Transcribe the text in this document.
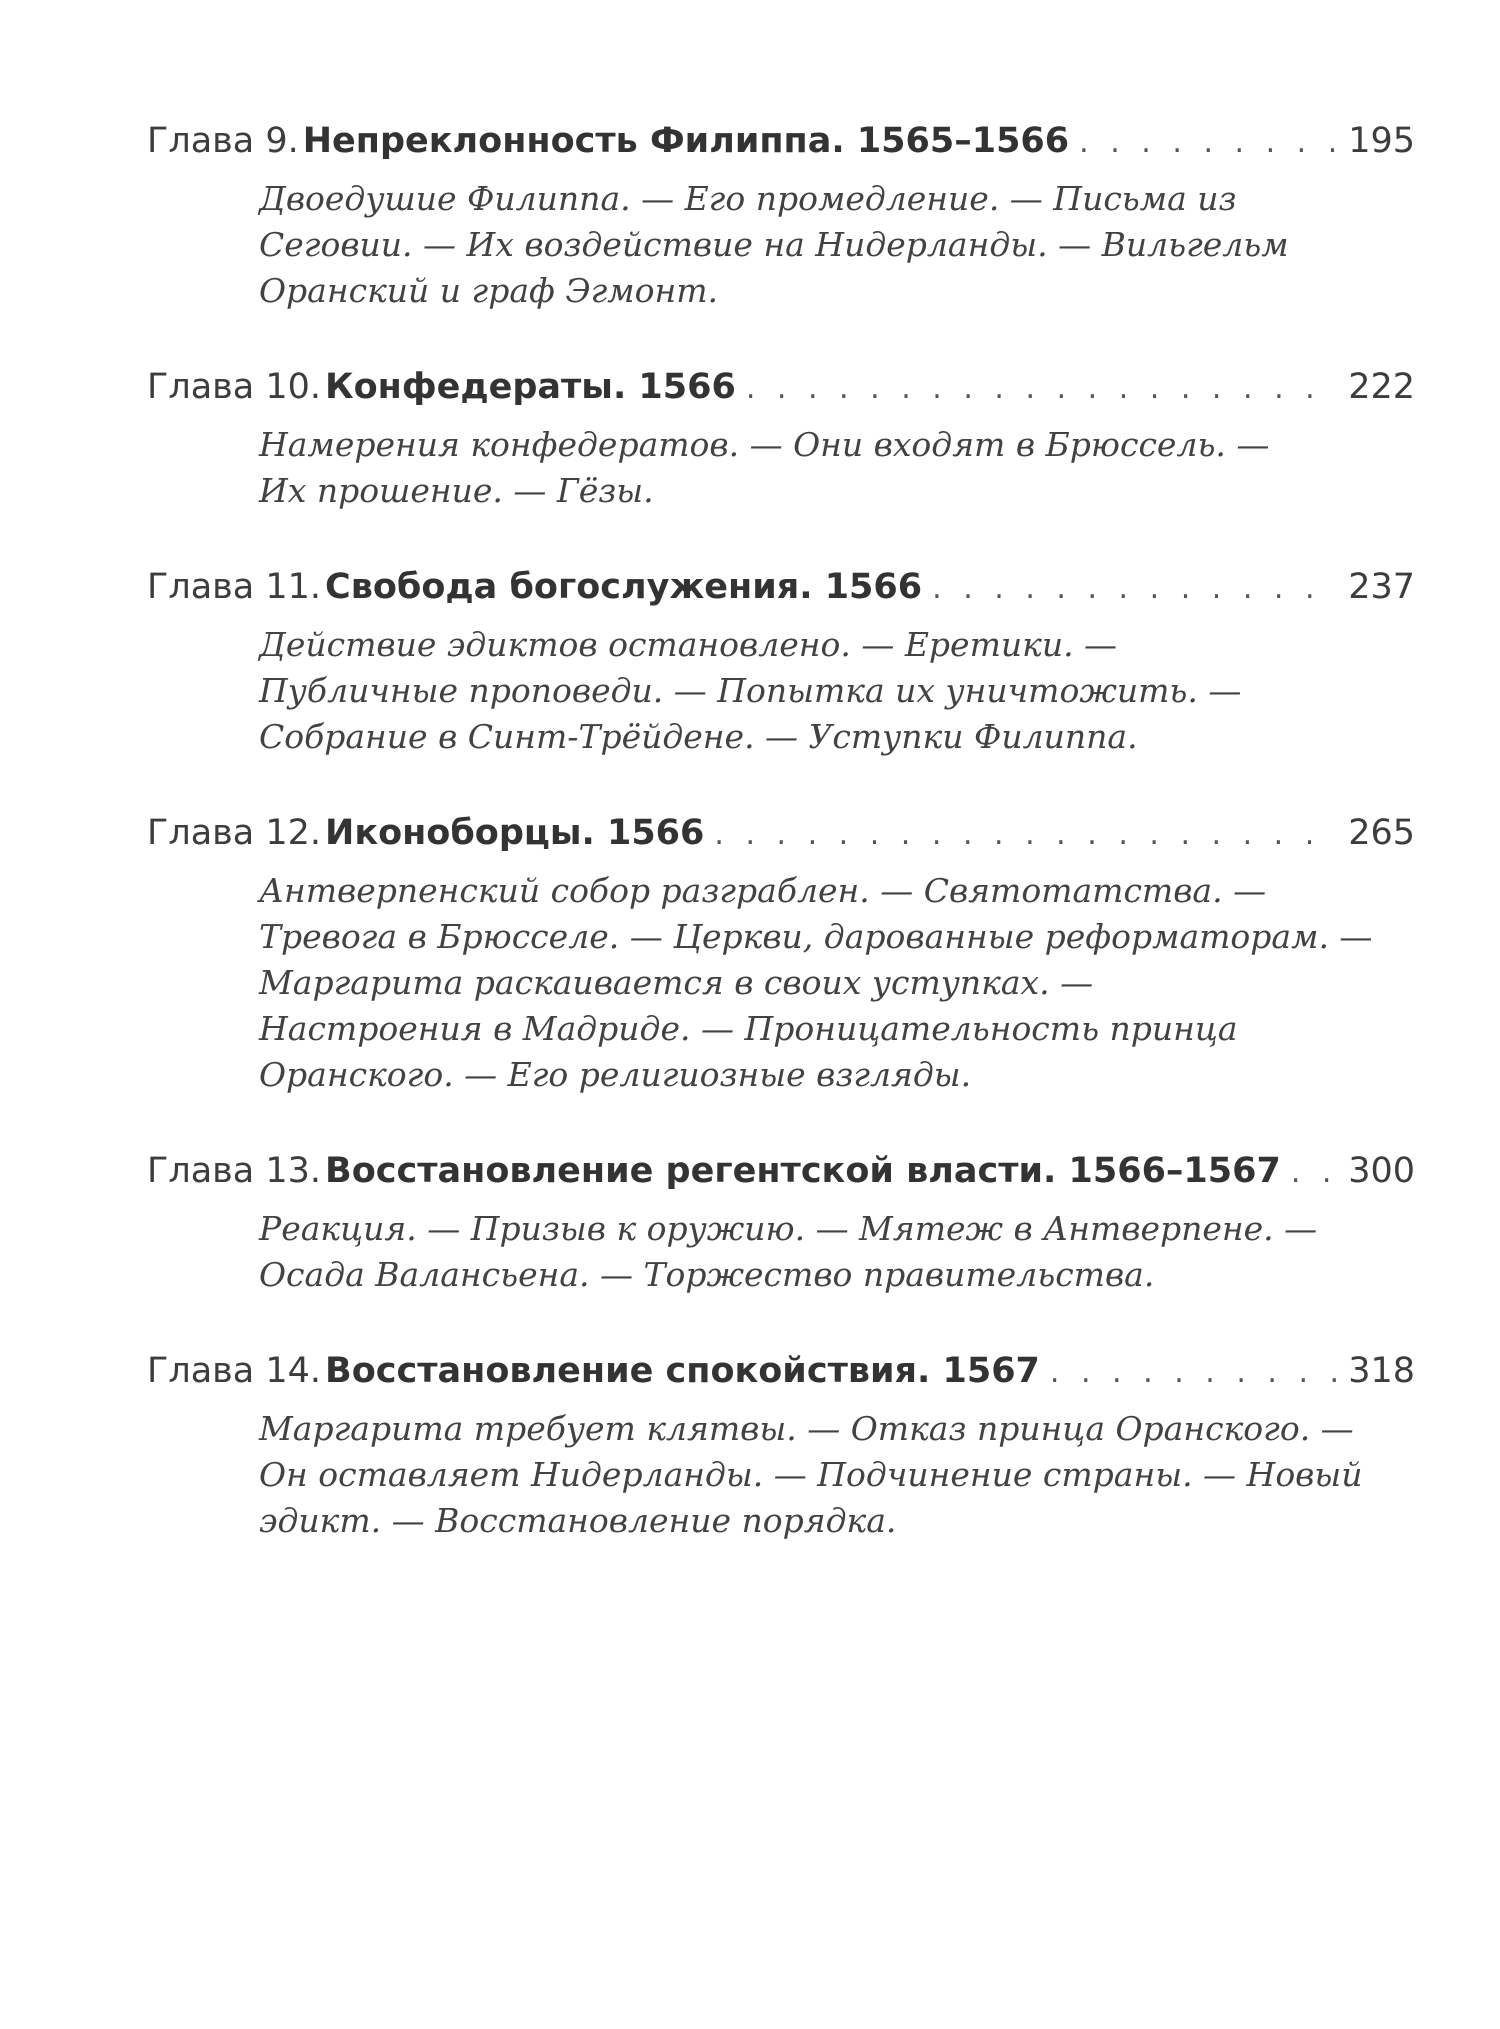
Глава 9. Непреклонность Филиппа. 1565–1566 . . .	195
Двоедушие Филиппа. — Его промедление. — Письма из
Сеговии. — Их воздействие на Нидерланды. — Вильгельм
Оранский и граф Эгмонт.
Глава 10. Конфедераты. 1566 . . .	222
Намерения конфедератов. — Они входят в Брюссель. —
Их прошение. — Гёзы.
Глава 11. Свобода богослужения. 1566 . . .	237
Действие эдиктов остановлено. — Еретики. —
Публичные проповеди. — Попытка их уничтожить. —
Собрание в Синт-Трёйдене. — Уступки Филиппа.
Глава 12. Иконоборцы. 1566 . . .	265
Антверпенский собор разграблен. — Святотатства. —
Тревога в Брюсселе. — Церкви, дарованные реформаторам. —
Маргарита раскаивается в своих уступках. —
Настроения в Мадриде. — Проницательность принца
Оранского. — Его религиозные взгляды.
Глава 13. Восстановление регентской власти. 1566–1567 . . . 300
Реакция. — Призыв к оружию. — Мятеж в Антверпене. —
Осада Валансьена. — Торжество правительства.
Глава 14. Восстановление спокойствия. 1567 . . .	318
Маргарита требует клятвы. — Отказ принца Оранского. —
Он оставляет Нидерланды. — Подчинение страны. — Новый
эдикт. — Восстановление порядка.
